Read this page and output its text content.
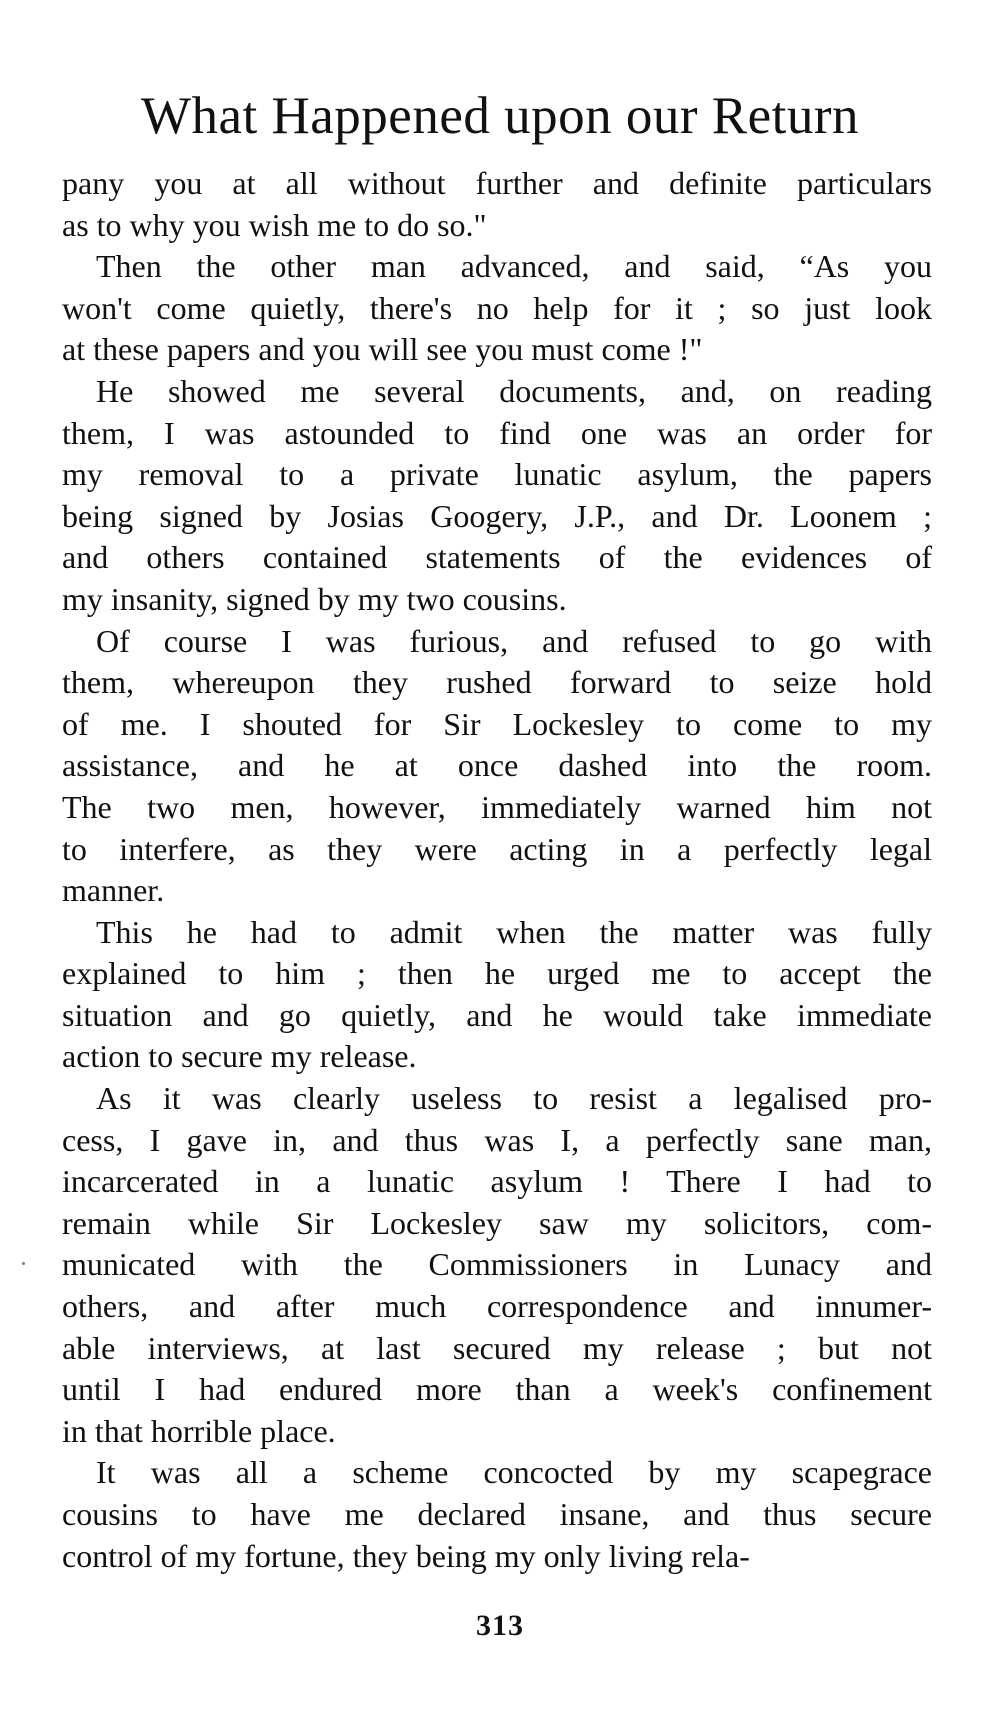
What Happened upon our Return
pany you at all without further and definite particulars
as to why you wish me to do so."
Then the other man advanced, and said, “As you
won't come quietly, there's no help for it ; so just look
at these papers and you will see you must come !"
He showed me several documents, and, on reading
them, I was astounded to find one was an order for
my removal to a private lunatic asylum, the papers
being signed by Josias Googery, J.P., and Dr. Loonem ;
and others contained statements of the evidences of
my insanity, signed by my two cousins.
Of course I was furious, and refused to go with
them, whereupon they rushed forward to seize hold
of me. I shouted for Sir Lockesley to come to my
assistance, and he at once dashed into the room.
The two men, however, immediately warned him not
to interfere, as they were acting in a perfectly legal
manner.
This he had to admit when the matter was fully
explained to him ; then he urged me to accept the
situation and go quietly, and he would take immediate
action to secure my release.
As it was clearly useless to resist a legalised pro-
cess, I gave in, and thus was I, a perfectly sane man,
incarcerated in a lunatic asylum ! There I had to
remain while Sir Lockesley saw my solicitors, com-
municated with the Commissioners in Lunacy and
others, and after much correspondence and innumer-
able interviews, at last secured my release ; but not
until I had endured more than a week's confinement
in that horrible place.
It was all a scheme concocted by my scapegrace
cousins to have me declared insane, and thus secure
control of my fortune, they being my only living rela-
313
